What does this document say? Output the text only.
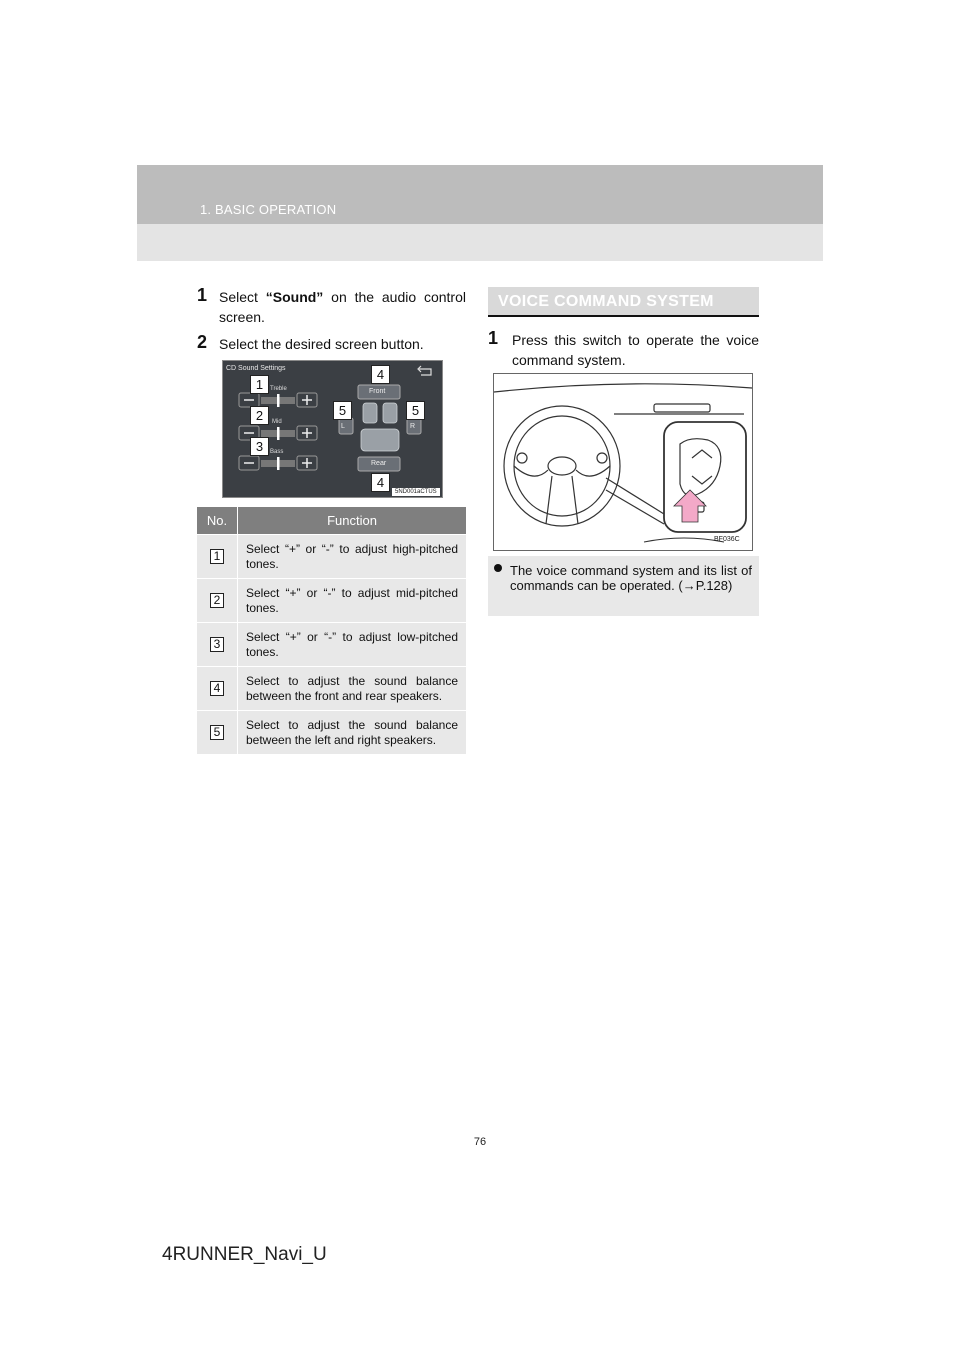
1. BASIC OPERATION
1 Select “Sound” on the audio control screen.
2 Select the desired screen button.
CD Sound Settings
Treble
Mid
Bass
Front
Rear
L	R
1
2
3
4
4
5	5
5ND001aCTUS
No.	Function
1	Select “+” or “-” to adjust high-pitched tones.
2	Select “+” or “-” to adjust mid-pitched tones.
3	Select “+” or “-” to adjust low-pitched tones.
4	Select to adjust the sound balance between the front and rear speakers.
5	Select to adjust the sound balance between the left and right speakers.
VOICE COMMAND SYSTEM
1 Press this switch to operate the voice command system.
BF036C
The voice command system and its list of commands can be operated. (→P.128)
76
4RUNNER_Navi_U
